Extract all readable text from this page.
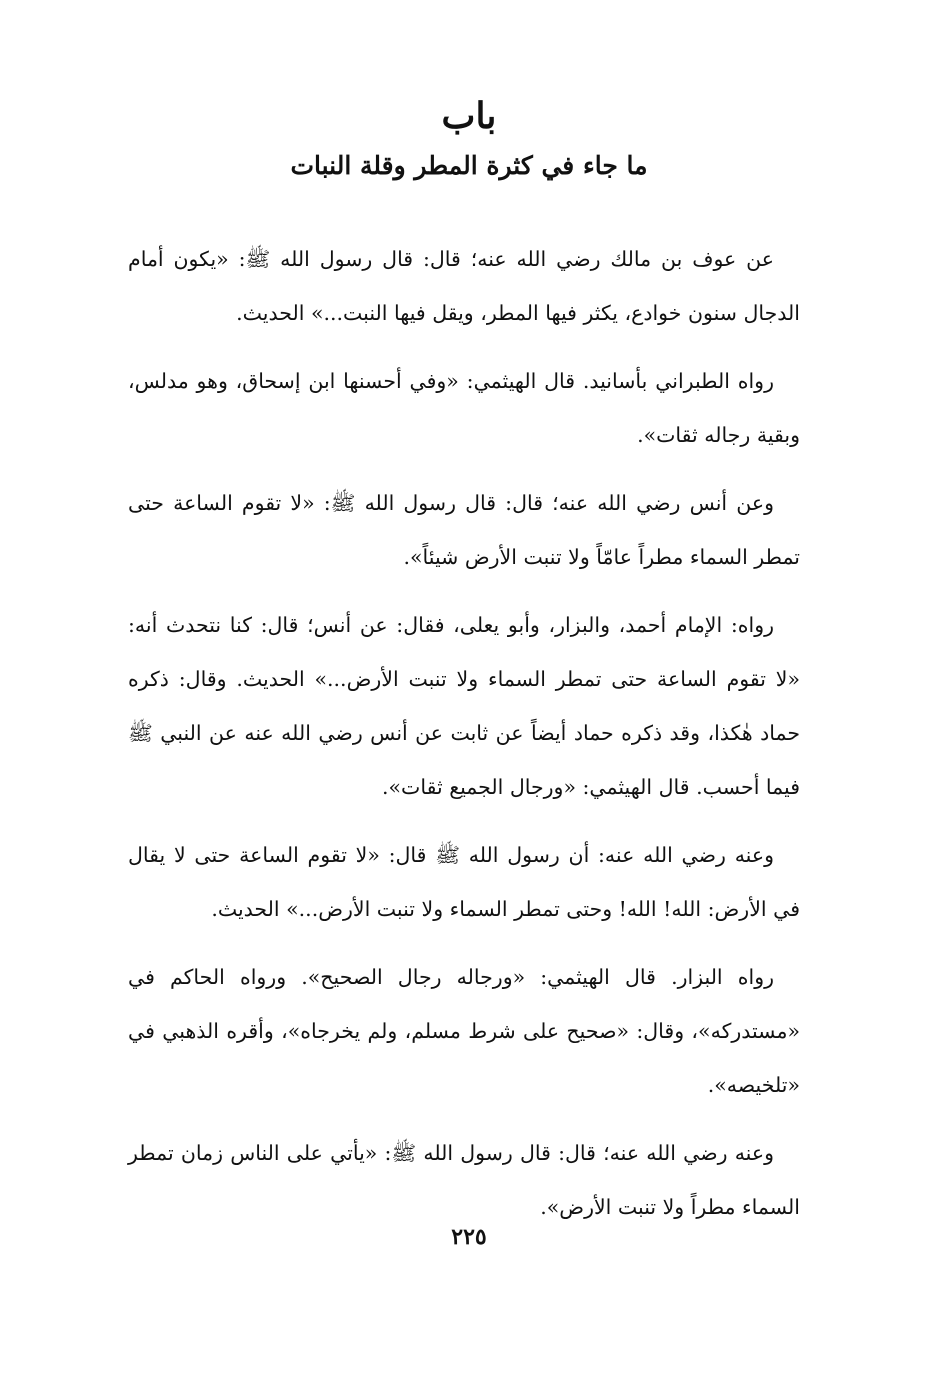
باب
ما جاء في كثرة المطر وقلة النبات

عن عوف بن مالك رضي الله عنه؛ قال: قال رسول الله ﷺ: «يكون أمام الدجال سنون خوادع، يكثر فيها المطر، ويقل فيها النبت...» الحديث.

رواه الطبراني بأسانيد. قال الهيثمي: «وفي أحسنها ابن إسحاق، وهو مدلس، وبقية رجاله ثقات».

وعن أنس رضي الله عنه؛ قال: قال رسول الله ﷺ: «لا تقوم الساعة حتى تمطر السماء مطراً عامّاً ولا تنبت الأرض شيئاً».

رواه: الإمام أحمد، والبزار، وأبو يعلى، فقال: عن أنس؛ قال: كنا نتحدث أنه: «لا تقوم الساعة حتى تمطر السماء ولا تنبت الأرض...» الحديث. وقال: ذكره حماد هٰكذا، وقد ذكره حماد أيضاً عن ثابت عن أنس رضي الله عنه عن النبي ﷺ فيما أحسب. قال الهيثمي: «ورجال الجميع ثقات».

وعنه رضي الله عنه: أن رسول الله ﷺ قال: «لا تقوم الساعة حتى لا يقال في الأرض: الله! الله! وحتى تمطر السماء ولا تنبت الأرض...» الحديث.

رواه البزار. قال الهيثمي: «ورجاله رجال الصحيح». ورواه الحاكم في «مستدركه»، وقال: «صحيح على شرط مسلم، ولم يخرجاه»، وأقره الذهبي في «تلخيصه».

وعنه رضي الله عنه؛ قال: قال رسول الله ﷺ: «يأتي على الناس زمان تمطر السماء مطراً ولا تنبت الأرض».

٢٢٥
